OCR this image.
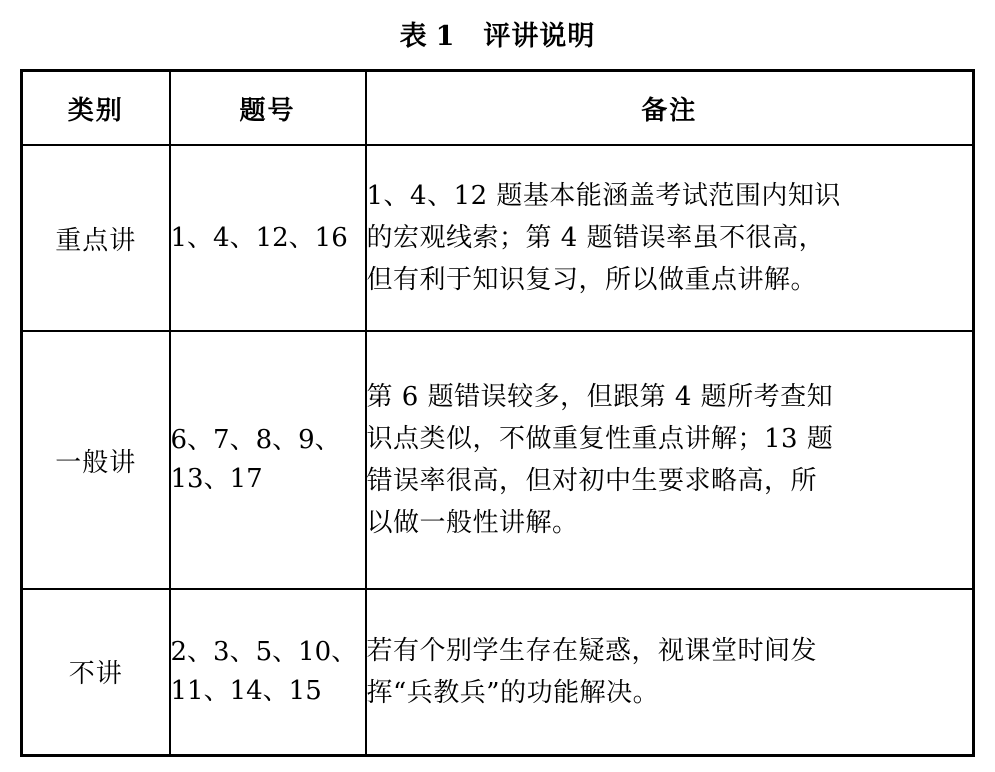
表 1 评讲说明
类别	题号	备注
重点讲	1、4、12、16	1、4、12 题基本能涵盖考试范围内知识
的宏观线索；第 4 题错误率虽不很高，
但有利于知识复习，所以做重点讲解。

一般讲	6、7、8、9、
13、17	第 6 题错误较多，但跟第 4 题所考查知
识点类似，不做重复性重点讲解；13 题
错误率很高，但对初中生要求略高，所
以做一般性讲解。

不讲	2、3、5、10、
11、14、15	若有个别学生存在疑惑，视课堂时间发
挥“兵教兵”的功能解决。
